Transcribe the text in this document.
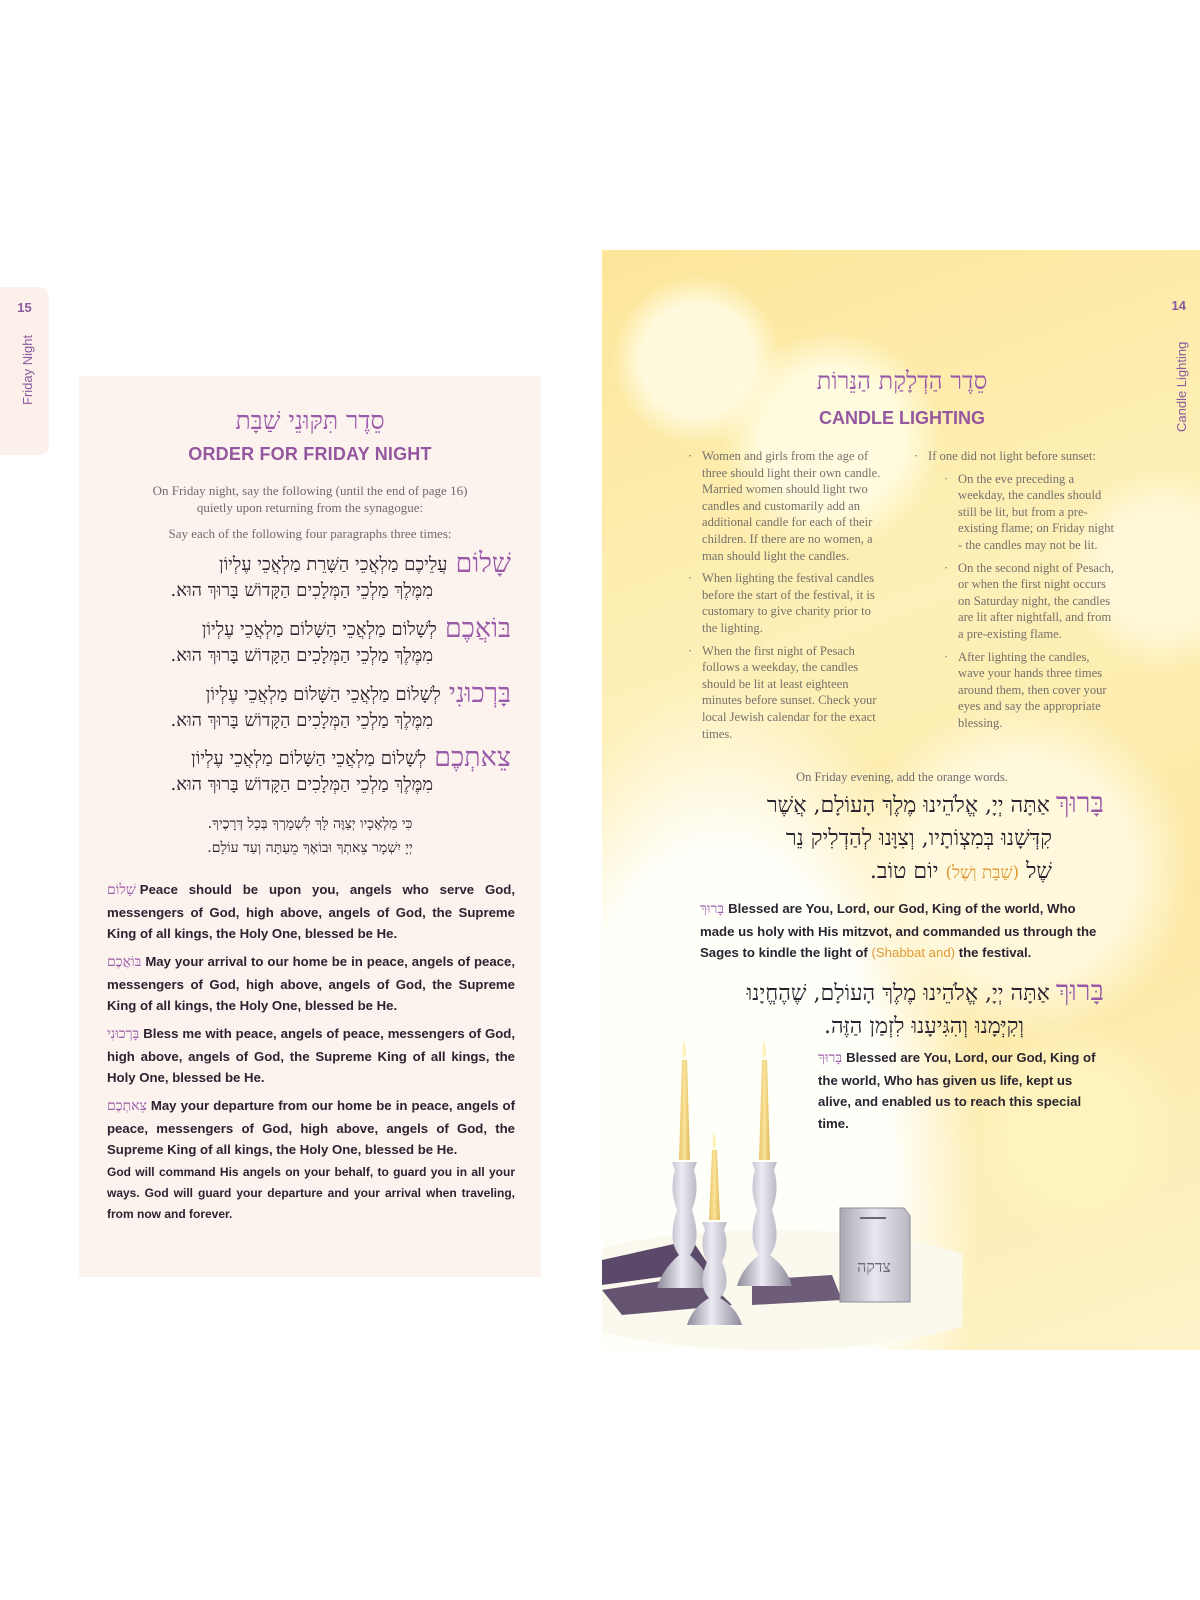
15
Friday Night
סֵדֶר תִּקּוּנֵי שַׁבָּת
ORDER FOR FRIDAY NIGHT
On Friday night, say the following (until the end of page 16) quietly upon returning from the synagogue:
Say each of the following four paragraphs three times:
שָׁלוֹםעֲלֵיכֶם מַלְאֲכֵי הַשָּׁרֵת מַלְאֲכֵי עֶלְיוֹן
מִמֶּלֶךְ מַלְכֵי הַמְּלָכִים הַקָּדוֹשׁ בָּרוּךְ הוּא.
בּוֹאֲכֶםלְשָׁלוֹם מַלְאֲכֵי הַשָּׁלוֹם מַלְאֲכֵי עֶלְיוֹן
מִמֶּלֶךְ מַלְכֵי הַמְּלָכִים הַקָּדוֹשׁ בָּרוּךְ הוּא.
בָּרְכוּנִילְשָׁלוֹם מַלְאֲכֵי הַשָּׁלוֹם מַלְאֲכֵי עֶלְיוֹן
מִמֶּלֶךְ מַלְכֵי הַמְּלָכִים הַקָּדוֹשׁ בָּרוּךְ הוּא.
צֵאתְכֶםלְשָׁלוֹם מַלְאֲכֵי הַשָּׁלוֹם מַלְאֲכֵי עֶלְיוֹן
מִמֶּלֶךְ מַלְכֵי הַמְּלָכִים הַקָּדוֹשׁ בָּרוּךְ הוּא.
כִּי מַלְאָכָיו יְצַוֶּה לָּךְ לִשְׁמָרְךָ בְּכָל דְּרָכֶיךָ.
יְיָ יִשְׁמָר צֵאתְךָ וּבוֹאֶךָ מֵעַתָּה וְעַד עוֹלָם.
שָׁלוֹם Peace should be upon you, angels who serve God, messengers of God, high above, angels of God, the Supreme King of all kings, the Holy One, blessed be He.
בּוֹאֲכֶם May your arrival to our home be in peace, angels of peace, messengers of God, high above, angels of God, the Supreme King of all kings, the Holy One, blessed be He.
בָּרְכוּנִי Bless me with peace, angels of peace, messengers of God, high above, angels of God, the Supreme King of all kings, the Holy One, blessed be He.
צֵאתְכֶם May your departure from our home be in peace, angels of peace, messengers of God, high above, angels of God, the Supreme King of all kings, the Holy One, blessed be He.
God will command His angels on your behalf, to guard you in all your ways. God will guard your departure and your arrival when traveling, from now and forever.
14
Candle Lighting
סֵדֶר הַדְלָקַת הַנֵּרוֹת
CANDLE LIGHTING
· Women and girls from the age of three should light their own candle. Married women should light two candles and customarily add an additional candle for each of their children. If there are no women, a man should light the candles.
· When lighting the festival candles before the start of the festival, it is customary to give charity prior to the lighting.
· When the first night of Pesach follows a weekday, the candles should be lit at least eighteen minutes before sunset. Check your local Jewish calendar for the exact times.
· If one did not light before sunset:
· On the eve preceding a weekday, the candles should still be lit, but from a pre-existing flame; on Friday night - the candles may not be lit.
· On the second night of Pesach, or when the first night occurs on Saturday night, the candles are lit after nightfall, and from a pre-existing flame.
· After lighting the candles, wave your hands three times around them, then cover your eyes and say the appropriate blessing.
On Friday evening, add the orange words.
בָּרוּךְאַתָּה יְיָ, אֱלֹהֵינוּ מֶלֶךְ הָעוֹלָם, אֲשֶׁר
קִדְּשָׁנוּ בְּמִצְוֹתָיו, וְצִוָּנוּ לְהַדְלִיק נֵר
שֶׁל (שַׁבָּת וְשֶׁל) יוֹם טוֹב.
בָּרוּךְ Blessed are You, Lord, our God, King of the world, Who made us holy with His mitzvot, and commanded us through the Sages to kindle the light of (Shabbat and) the festival.
בָּרוּךְאַתָּה יְיָ, אֱלֹהֵינוּ מֶלֶךְ הָעוֹלָם, שֶׁהֶחֱיָנוּ
וְקִיְּמָנוּ וְהִגִּיעָנוּ לִזְמַן הַזֶּה.
בָּרוּךְ Blessed are You, Lord, our God, King of the world, Who has given us life, kept us alive, and enabled us to reach this special time.
צדקה
